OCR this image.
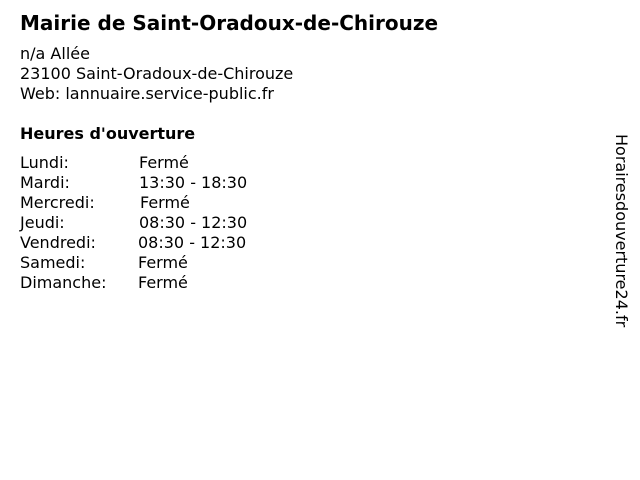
Mairie de Saint-Oradoux-de-Chirouze
n/a Allée
23100 Saint-Oradoux-de-Chirouze
Web: lannuaire.service-public.fr
Heures d'ouverture
Lundi:	Fermé
Mardi:	13:30 - 18:30
Mercredi:	Fermé
Jeudi:	08:30 - 12:30
Vendredi:	08:30 - 12:30
Samedi:	Fermé
Dimanche: Fermé	Horairesdouverture24.fr
